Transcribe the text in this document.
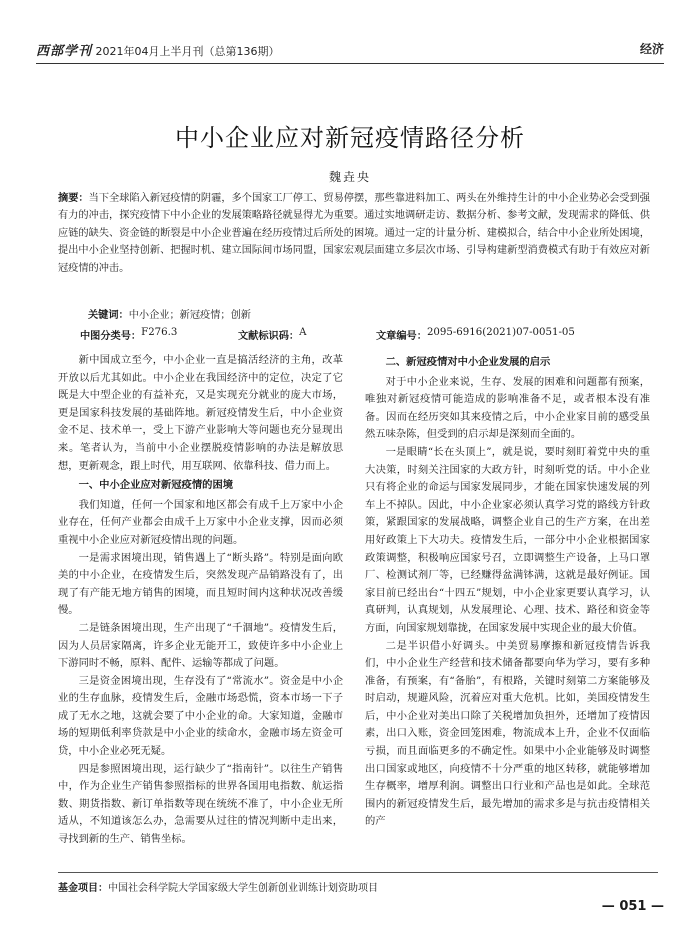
西部学刊 2021年04月上半月刊（总第136期）	经济
中小企业应对新冠疫情路径分析
魏垚央
摘要：当下全球陷入新冠疫情的阴霾，多个国家工厂停工、贸易停摆，那些靠进料加工、两头在外维持生计的中小企业势必会受到强有力的冲击，探究疫情下中小企业的发展策略路径就显得尤为重要。通过实地调研走访、数据分析、参考文献，发现需求的降低、供应链的缺失、资金链的断裂是中小企业普遍在经历疫情过后所处的困境。通过一定的计量分析、建模拟合，结合中小企业所处困境，提出中小企业坚持创新、把握时机、建立国际间市场同盟，国家宏观层面建立多层次市场、引导构建新型消费模式有助于有效应对新冠疫情的冲击。
关键词：中小企业；新冠疫情；创新
中图分类号： F276.3	文献标识码： A	文章编号： 2095-6916(2021)07-0051-05

新中国成立至今，中小企业一直是搞活经济的主角，改革开放以后尤其如此。中小企业在我国经济中的定位，决定了它既是大中型企业的有益补充，又是实现充分就业的庞大市场，更是国家科技发展的基础阵地。新冠疫情发生后，中小企业资金不足、技术单一，受上下游产业影响大等问题也充分显现出来。笔者认为，当前中小企业摆脱疫情影响的办法是解放思想，更新观念，跟上时代，用互联网、依靠科技、借力而上。

一、中小企业应对新冠疫情的困境

我们知道，任何一个国家和地区都会有成千上万家中小企业存在，任何产业都会由成千上万家中小企业支撑，因而必须重视中小企业应对新冠疫情出现的问题。

一是需求困境出现，销售遇上了“断头路”。特别是面向欧美的中小企业，在疫情发生后，突然发现产品销路没有了，出现了有产能无地方销售的困境，而且短时间内这种状况改善缓慢。

二是链条困境出现，生产出现了“千涸地”。疫情发生后，因为人员居家隔离，许多企业无能开工，致使许多中小企业上下游同时不畅，原料、配件、运输等都成了问题。

三是资金困境出现，生存没有了“常流水”。资金是中小企业的生存血脉，疫情发生后，金融市场恐慌，资本市场一下子成了无水之地，这就会要了中小企业的命。大家知道，金融市场的短期低利率贷款是中小企业的续命水，金融市场左资金可贷，中小企业必死无疑。

四是参照困境出现，运行缺少了“指南针”。以往生产销售中，作为企业生产销售参照指标的世界各国用电指数、航运指数、期货指数、新订单指数等现在统统不准了，中小企业无所适从，不知道该怎么办，急需要从过往的情况判断中走出来，寻找到新的生产、销售坐标。

二、新冠疫情对中小企业发展的启示

对于中小企业来说，生存、发展的困难和问题都有预案，唯独对新冠疫情可能造成的影响准备不足，或者根本没有准备。因而在经历突如其来疫情之后，中小企业家目前的感受虽然五味杂陈，但受到的启示却是深刻而全面的。

一是眼睛“长在头顶上”，就是说，要时刻盯着党中央的重大决策，时刻关注国家的大政方针，时刻听党的话。中小企业只有将企业的命运与国家发展同步，才能在国家快速发展的列车上不掉队。因此，中小企业家必须认真学习党的路线方针政策，紧跟国家的发展战略，调整企业自己的生产方案，在出差用好政策上下大功夫。疫情发生后，一部分中小企业根据国家政策调整，积极响应国家号召，立即调整生产设备，上马口罩厂、检测试剂厂等，已经赚得盆满钵满，这就是最好例证。国家目前已经出台“十四五”规划，中小企业家更要认真学习，认真研判，认真规划，从发展理论、心理、技术、路径和资金等方面，向国家规划靠拢，在国家发展中实现企业的最大价值。

二是半识借小好调头。中美贸易摩擦和新冠疫情告诉我们，中小企业生产经营和技术储备都要向华为学习，要有多种准备，有预案，有“备胎”，有根路，关键时刻第二方案能够及时启动，规避风险，沉着应对重大危机。比如，美国疫情发生后，中小企业对美出口除了关税增加负担外，还增加了疫情因素，出口入账，资金回笼困难，物流成本上升，企业不仅面临亏损，而且面临更多的不确定性。如果中小企业能够及时调整出口国家或地区，向疫情不十分严重的地区转移，就能够增加生存概率，增厚利润。调整出口行业和产品也是如此。全球范围内的新冠疫情发生后，最先增加的需求多是与抗击疫情相关的产

基金项目：中国社会科学院大学国家级大学生创新创业训练计划资助项目
— 051 —
